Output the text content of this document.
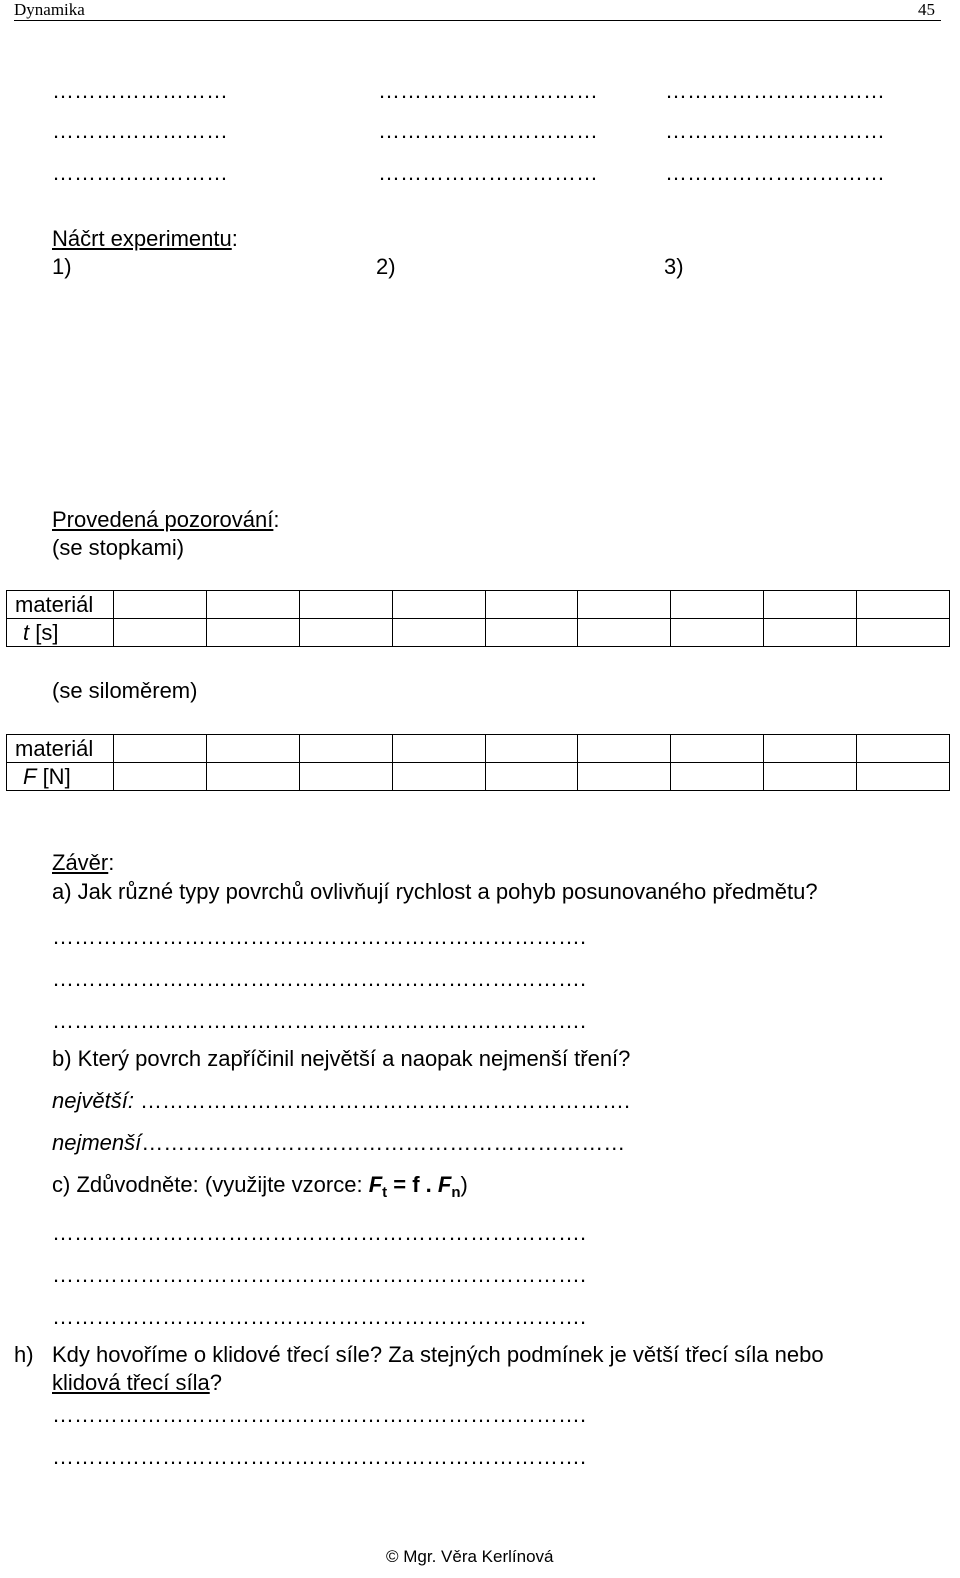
Dynamika	45
……………………	…………………………	…………………………
……………………	…………………………	…………………………
……………………	…………………………	…………………………
Náčrt experimentu:
1)	2)	3)
Provedená pozorování:
(se stopkami)
materiál									
t [s]									
(se siloměrem)
materiál									
F [N]									
Závěr:
a) Jak různé typy povrchů ovlivňují rychlost a pohyb posunovaného předmětu?
……………………………………………………………….
……………………………………………………………….
……………………………………………………………….
b) Který povrch zapříčinil největší a naopak nejmenší tření?
největší: ………………………………………………………….
nejmenší…………………………………………………………
c) Zdůvodněte: (využijte vzorce: $F_t = f$ . $F_n$)
……………………………………………………………….
……………………………………………………………….
……………………………………………………………….
h) Kdy hovoříme o klidové třecí síle? Za stejných podmínek je větší třecí síla nebo
klidová třecí síla?
……………………………………………………………….
……………………………………………………………….
© Mgr. Věra Kerlínová
